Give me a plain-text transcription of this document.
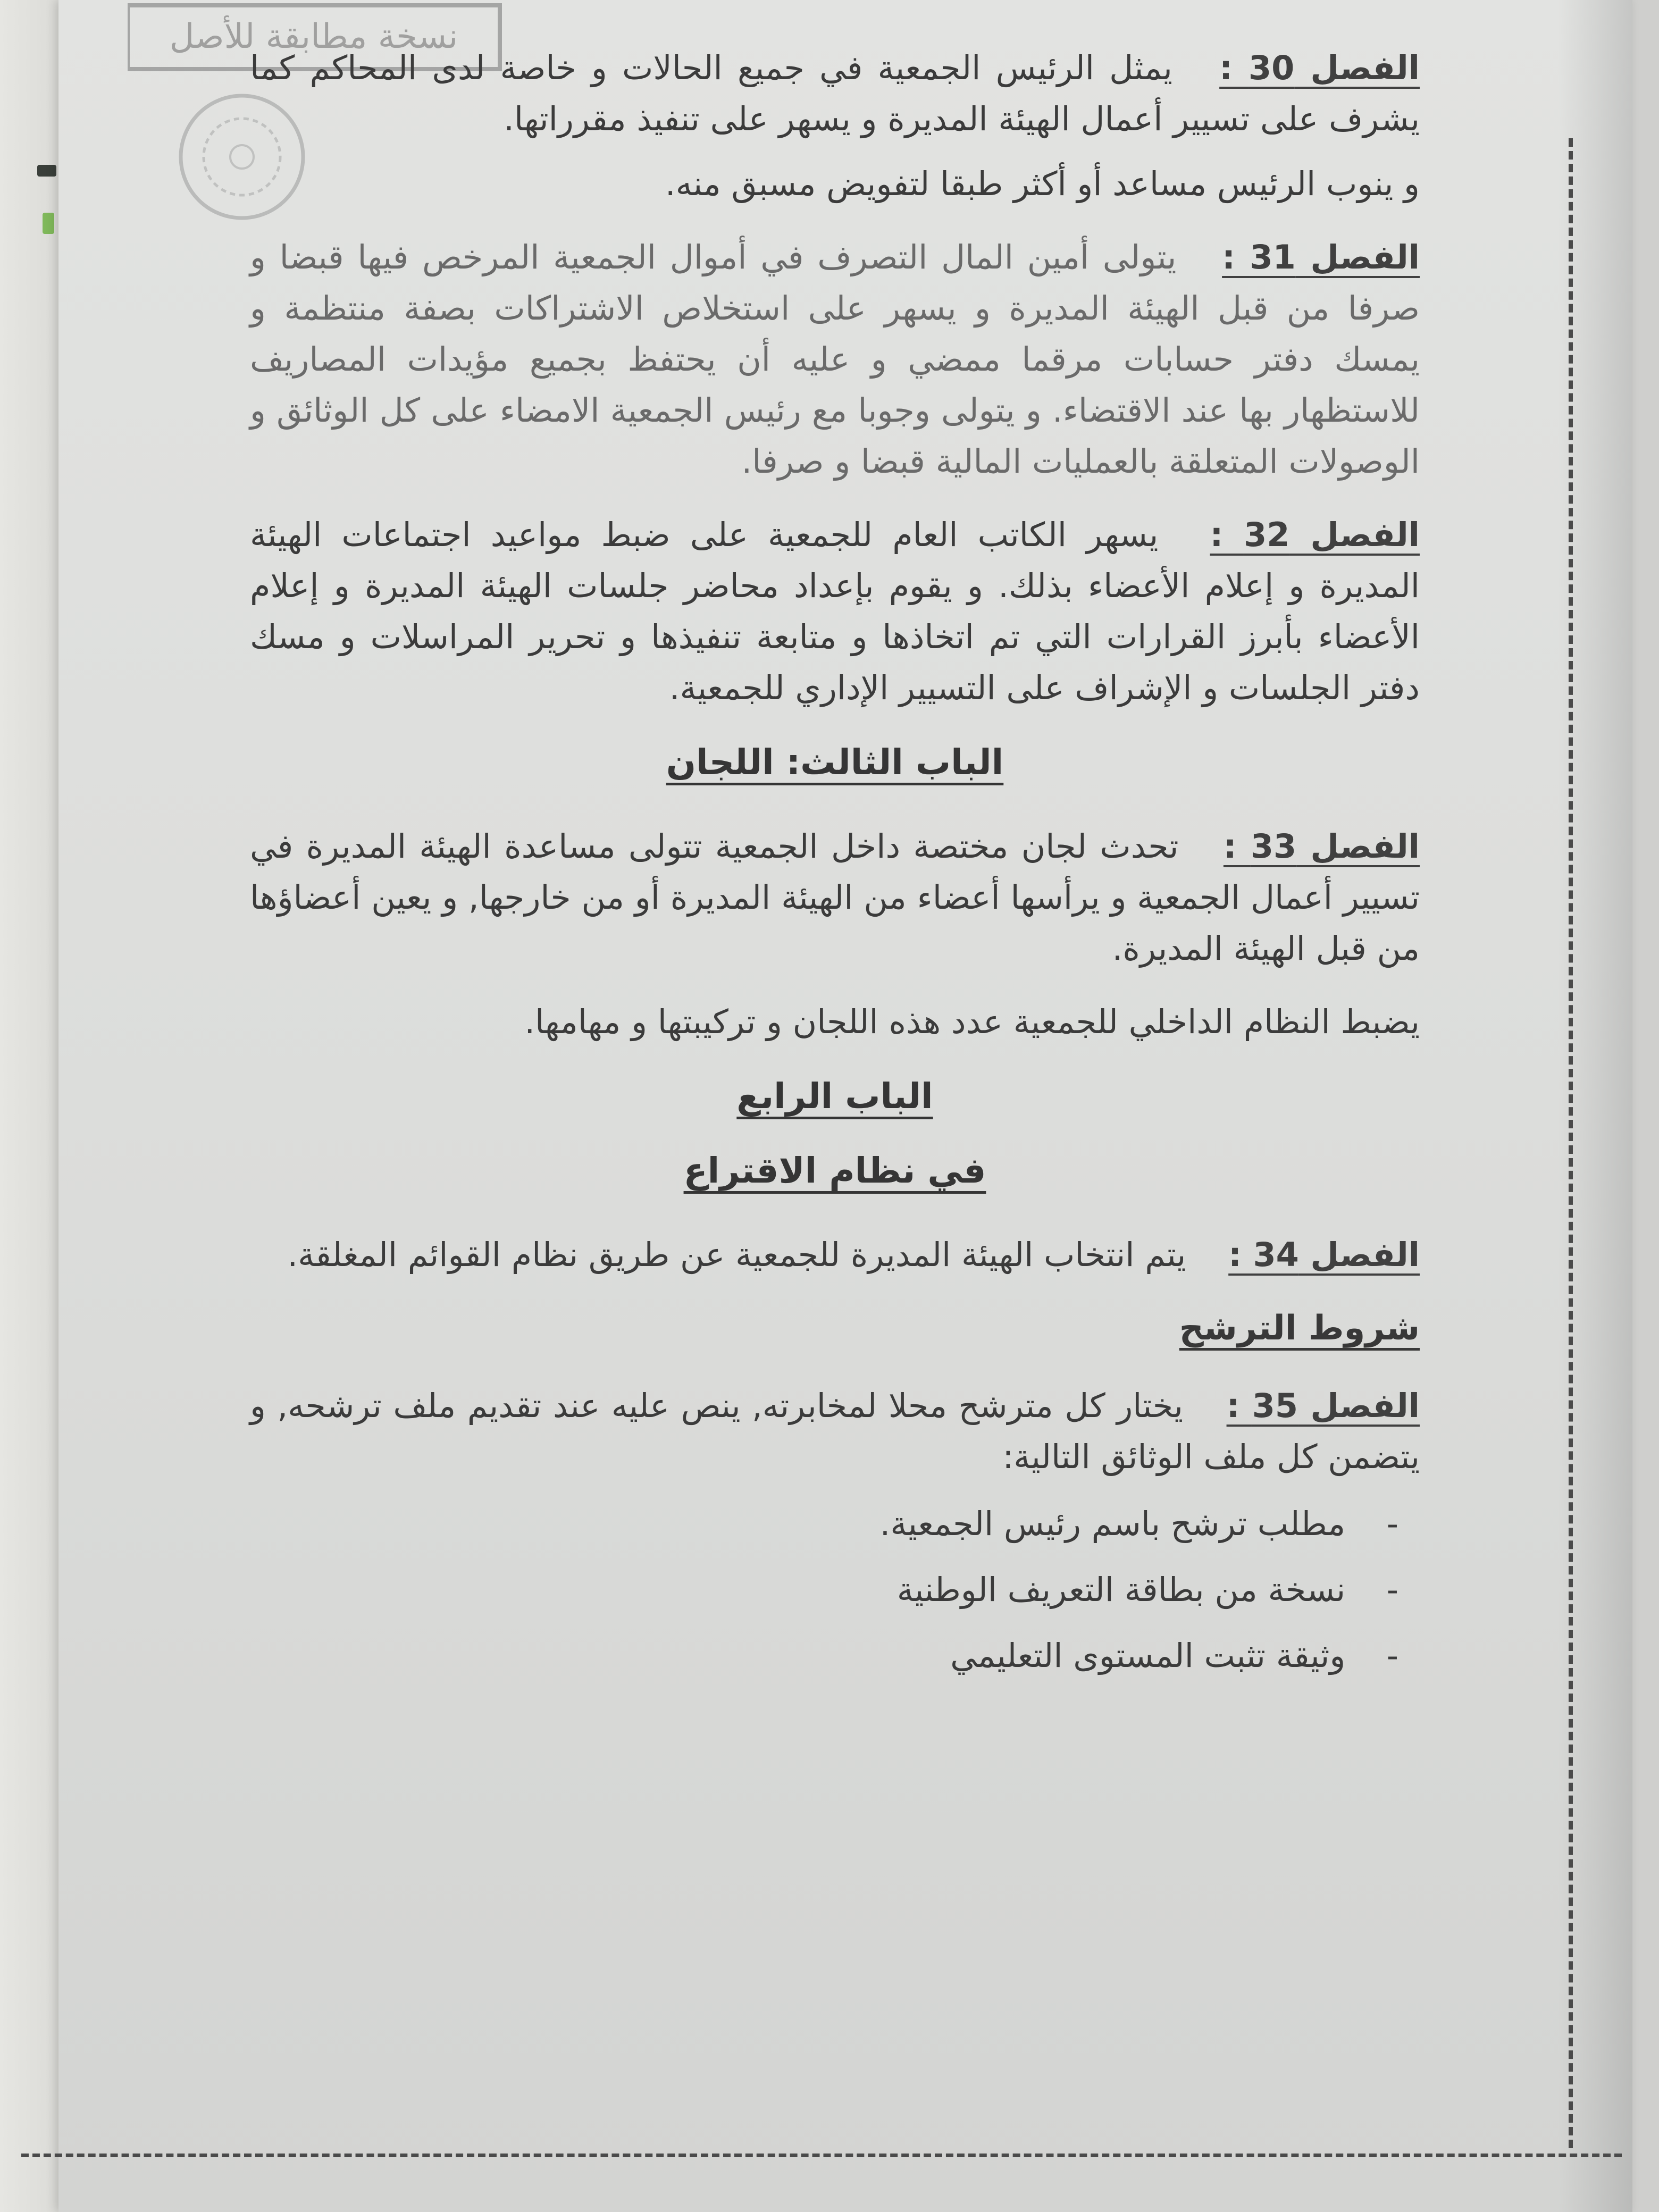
نسخة مطابقة للأصل

الفصل 30 : يمثل الرئيس الجمعية في جميع الحالات و خاصة لدى المحاكم كما يشرف على تسيير أعمال الهيئة المديرة و يسهر على تنفيذ مقرراتها.

و ينوب الرئيس مساعد أو أكثر طبقا لتفويض مسبق منه.

الفصل 31 : يتولى أمين المال التصرف في أموال الجمعية المرخص فيها قبضا و صرفا من قبل الهيئة المديرة و يسهر على استخلاص الاشتراكات بصفة منتظمة و يمسك دفتر حسابات مرقما ممضي و عليه أن يحتفظ بجميع مؤيدات المصاريف للاستظهار بها عند الاقتضاء. و يتولى وجوبا مع رئيس الجمعية الامضاء على كل الوثائق و الوصولات المتعلقة بالعمليات المالية قبضا و صرفا.

الفصل 32 : يسهر الكاتب العام للجمعية على ضبط مواعيد اجتماعات الهيئة المديرة و إعلام الأعضاء بذلك. و يقوم بإعداد محاضر جلسات الهيئة المديرة و إعلام الأعضاء بأبرز القرارات التي تم اتخاذها و متابعة تنفيذها و تحرير المراسلات و مسك دفتر الجلسات و الإشراف على التسيير الإداري للجمعية.

الباب الثالث: اللجان

الفصل 33 : تحدث لجان مختصة داخل الجمعية تتولى مساعدة الهيئة المديرة في تسيير أعمال الجمعية و يرأسها أعضاء من الهيئة المديرة أو من خارجها, و يعين أعضاؤها من قبل الهيئة المديرة.

يضبط النظام الداخلي للجمعية عدد هذه اللجان و تركيبتها و مهامها.

الباب الرابع
في نظام الاقتراع

الفصل 34 : يتم انتخاب الهيئة المديرة للجمعية عن طريق نظام القوائم المغلقة.

شروط الترشح

الفصل 35 : يختار كل مترشح محلا لمخابرته, ينص عليه عند تقديم ملف ترشحه, و يتضمن كل ملف الوثائق التالية:

- مطلب ترشح باسم رئيس الجمعية.
- نسخة من بطاقة التعريف الوطنية
- وثيقة تثبت المستوى التعليمي
